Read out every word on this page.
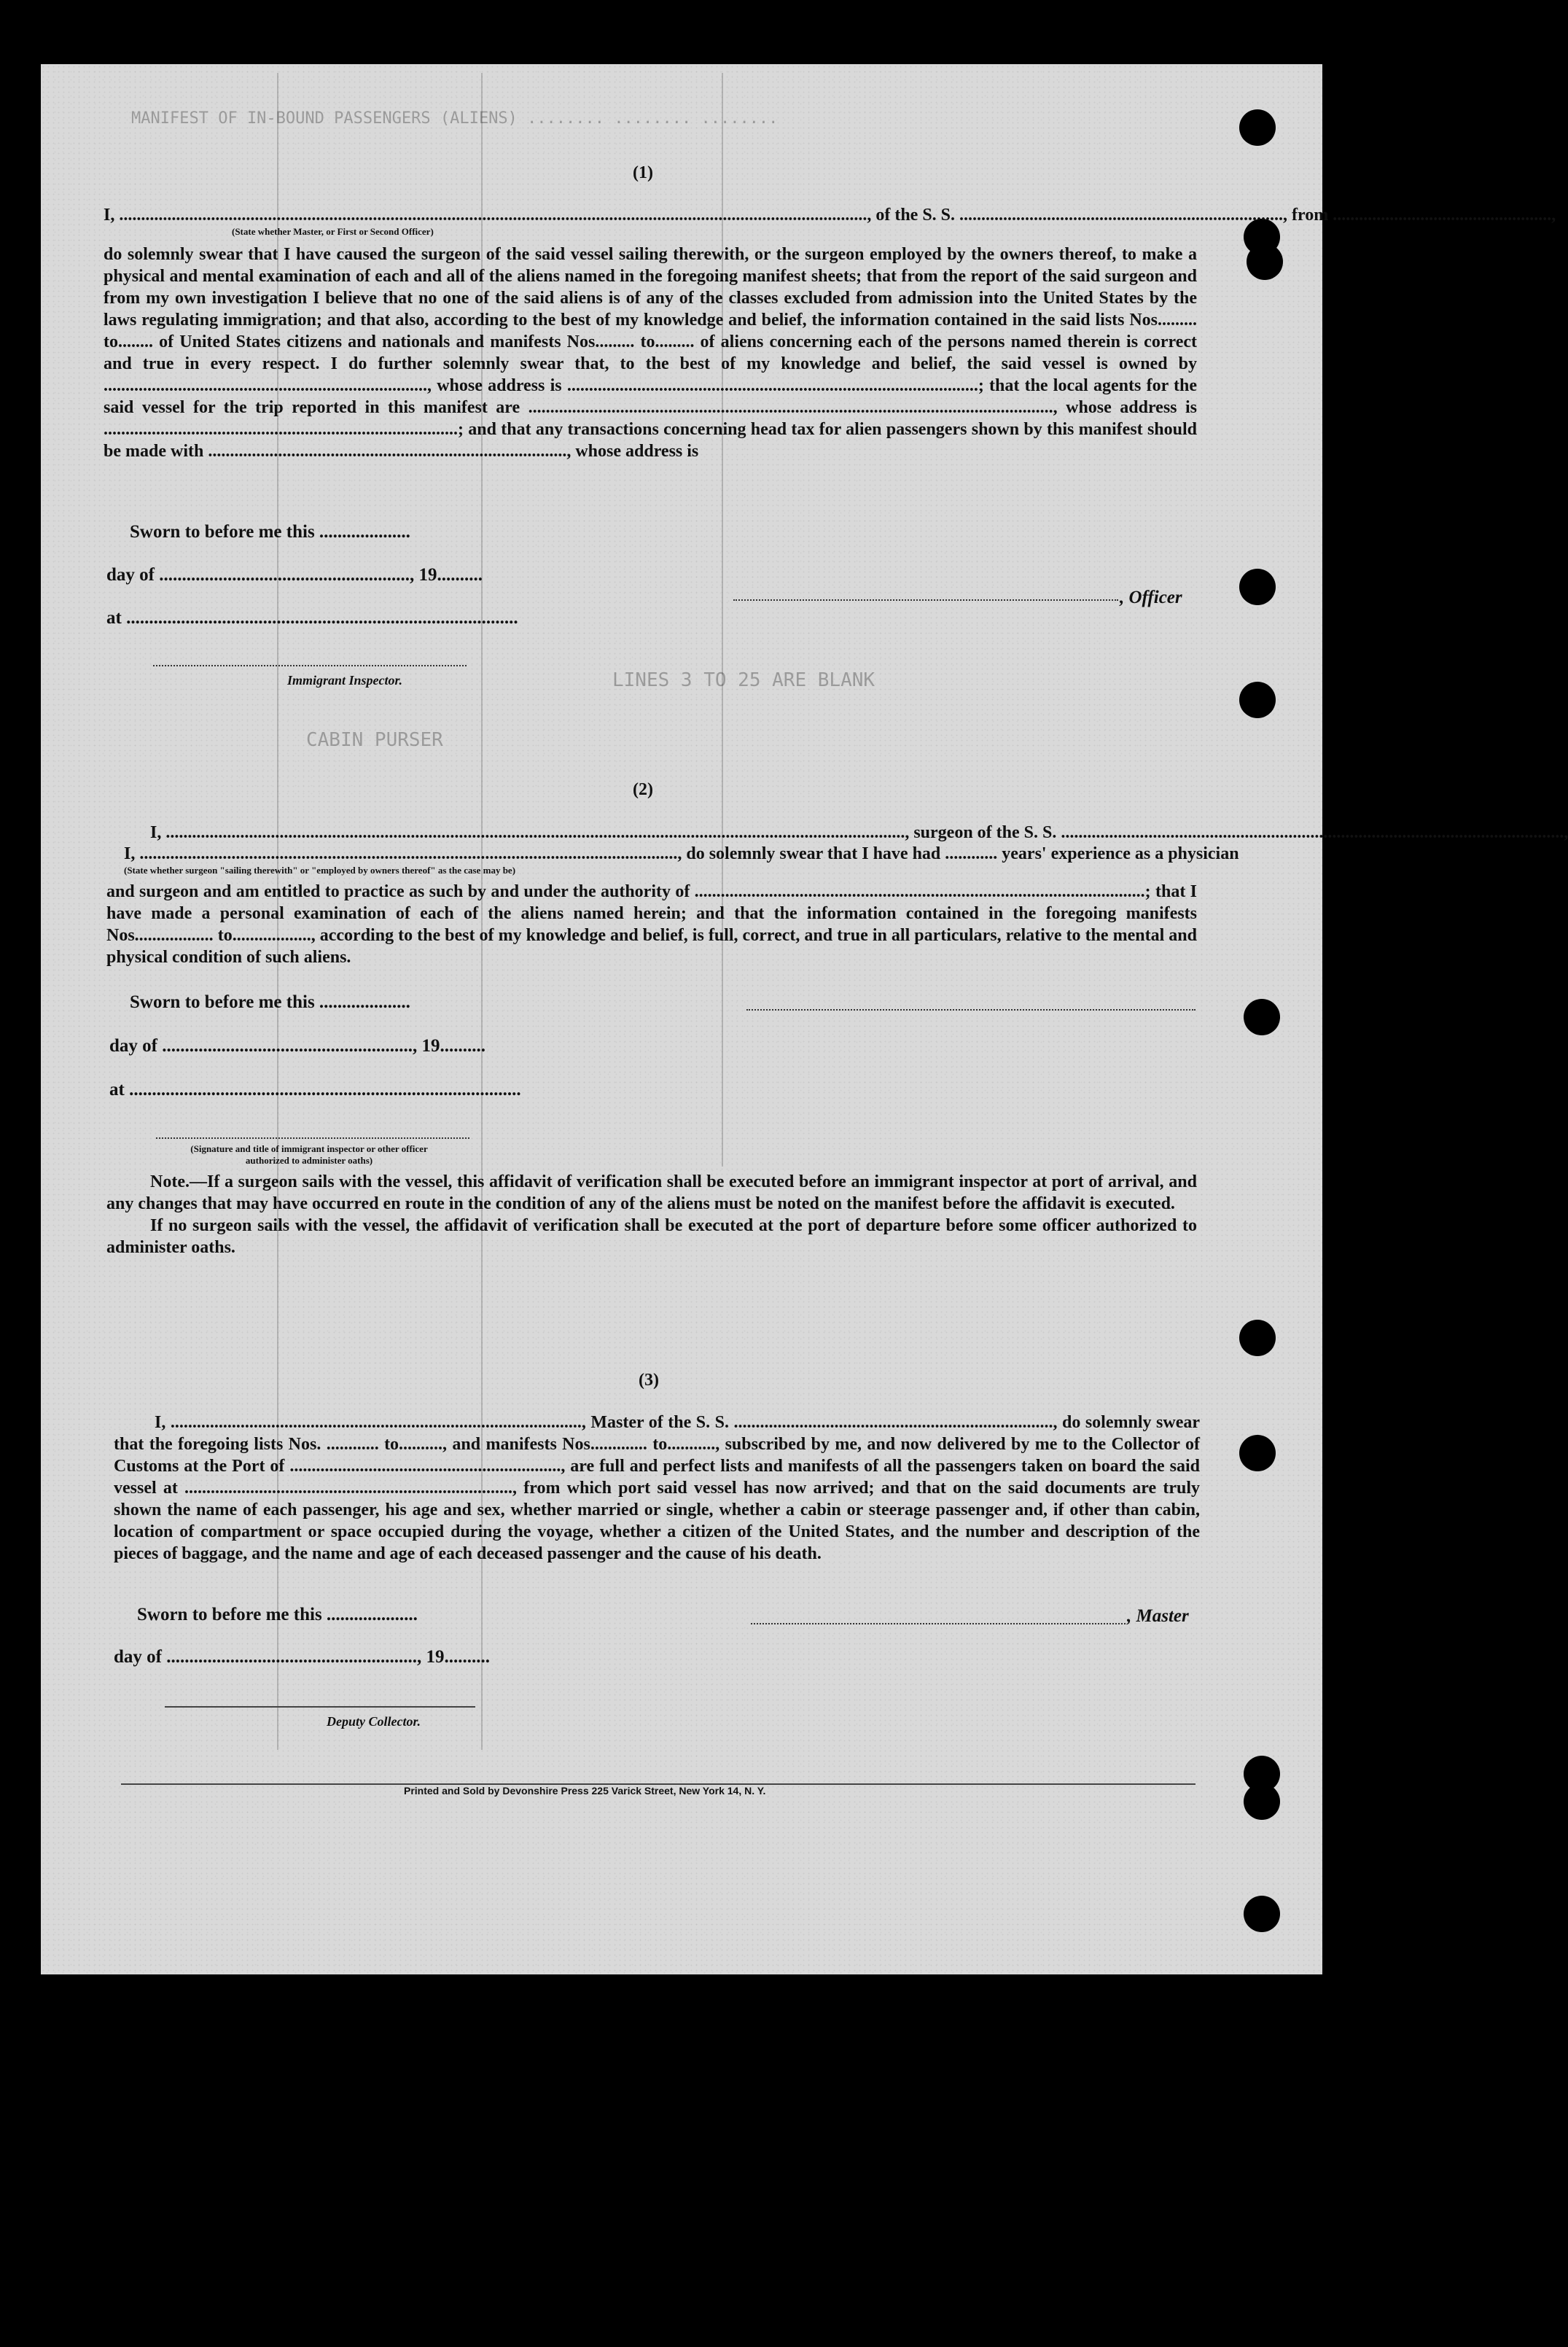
MANIFEST OF IN-BOUND PASSENGERS (ALIENS) ........ ........ ........
LINES 3 TO 25 ARE BLANK
CABIN PURSER
(1)
I, ..........................................................................................................................................................................., of the S. S. .........................................................................., from ..................................................,
(State whether Master, or First or Second Officer)
do solemnly swear that I have caused the surgeon of the said vessel sailing therewith, or the surgeon employed by the owners thereof, to make a physical and mental examination of each and all of the aliens named in the foregoing manifest sheets; that from the report of the said surgeon and from my own investigation I believe that no one of the said aliens is of any of the classes excluded from admission into the United States by the laws regulating immigration; and that also, according to the best of my knowledge and belief, the information contained in the said lists Nos......... to........ of United States citizens and nationals and manifests Nos......... to......... of aliens concerning each of the persons named therein is correct and true in every respect. I do further solemnly swear that, to the best of my knowledge and belief, the said vessel is owned by .........................................................................., whose address is ..............................................................................................; that the local agents for the said vessel for the trip reported in this manifest are ........................................................................................................................, whose address is .................................................................................; and that any transactions concerning head tax for alien passengers shown by this manifest should be made with .................................................................................., whose address is
Sworn to before me this ....................
day of ......................................................., 19..........
at ......................................................................................
, Officer
Immigrant Inspector.
(2)
I, ........................................................................................................................................................................., surgeon of the S. S. ...................................................................................................................,
I, ..........................................................................................................................., do solemnly swear that I have had ............ years' experience as a physician
(State whether surgeon "sailing therewith" or "employed by owners thereof" as the case may be)
and surgeon and am entitled to practice as such by and under the authority of .......................................................................................................; that I have made a personal examination of each of the aliens named herein; and that the information contained in the foregoing manifests Nos.................. to.................., according to the best of my knowledge and belief, is full, correct, and true in all particulars, relative to the mental and physical condition of such aliens.
Sworn to before me this ....................
day of ......................................................., 19..........
at ......................................................................................
(Signature and title of immigrant inspector or other officer authorized to administer oaths)

Note.—If a surgeon sails with the vessel, this affidavit of verification shall be executed before an immigrant inspector at port of arrival, and any changes that may have occurred en route in the condition of any of the aliens must be noted on the manifest before the affidavit is executed.

If no surgeon sails with the vessel, the affidavit of verification shall be executed at the port of departure before some officer authorized to administer oaths.

(3)
I, .............................................................................................., Master of the S. S. ........................................................................., do solemnly swear that the foregoing lists Nos. ............ to.........., and manifests Nos............. to..........., subscribed by me, and now delivered by me to the Collector of Customs at the Port of .............................................................., are full and perfect lists and manifests of all the passengers taken on board the said vessel at ..........................................................................., from which port said vessel has now arrived; and that on the said documents are truly shown the name of each passenger, his age and sex, whether married or single, whether a cabin or steerage passenger and, if other than cabin, location of compartment or space occupied during the voyage, whether a citizen of the United States, and the number and description of the pieces of baggage, and the name and age of each deceased passenger and the cause of his death.
Sworn to before me this ....................	, Master
day of ......................................................., 19..........
Deputy Collector.
Printed and Sold by Devonshire Press 225 Varick Street, New York 14, N. Y.
